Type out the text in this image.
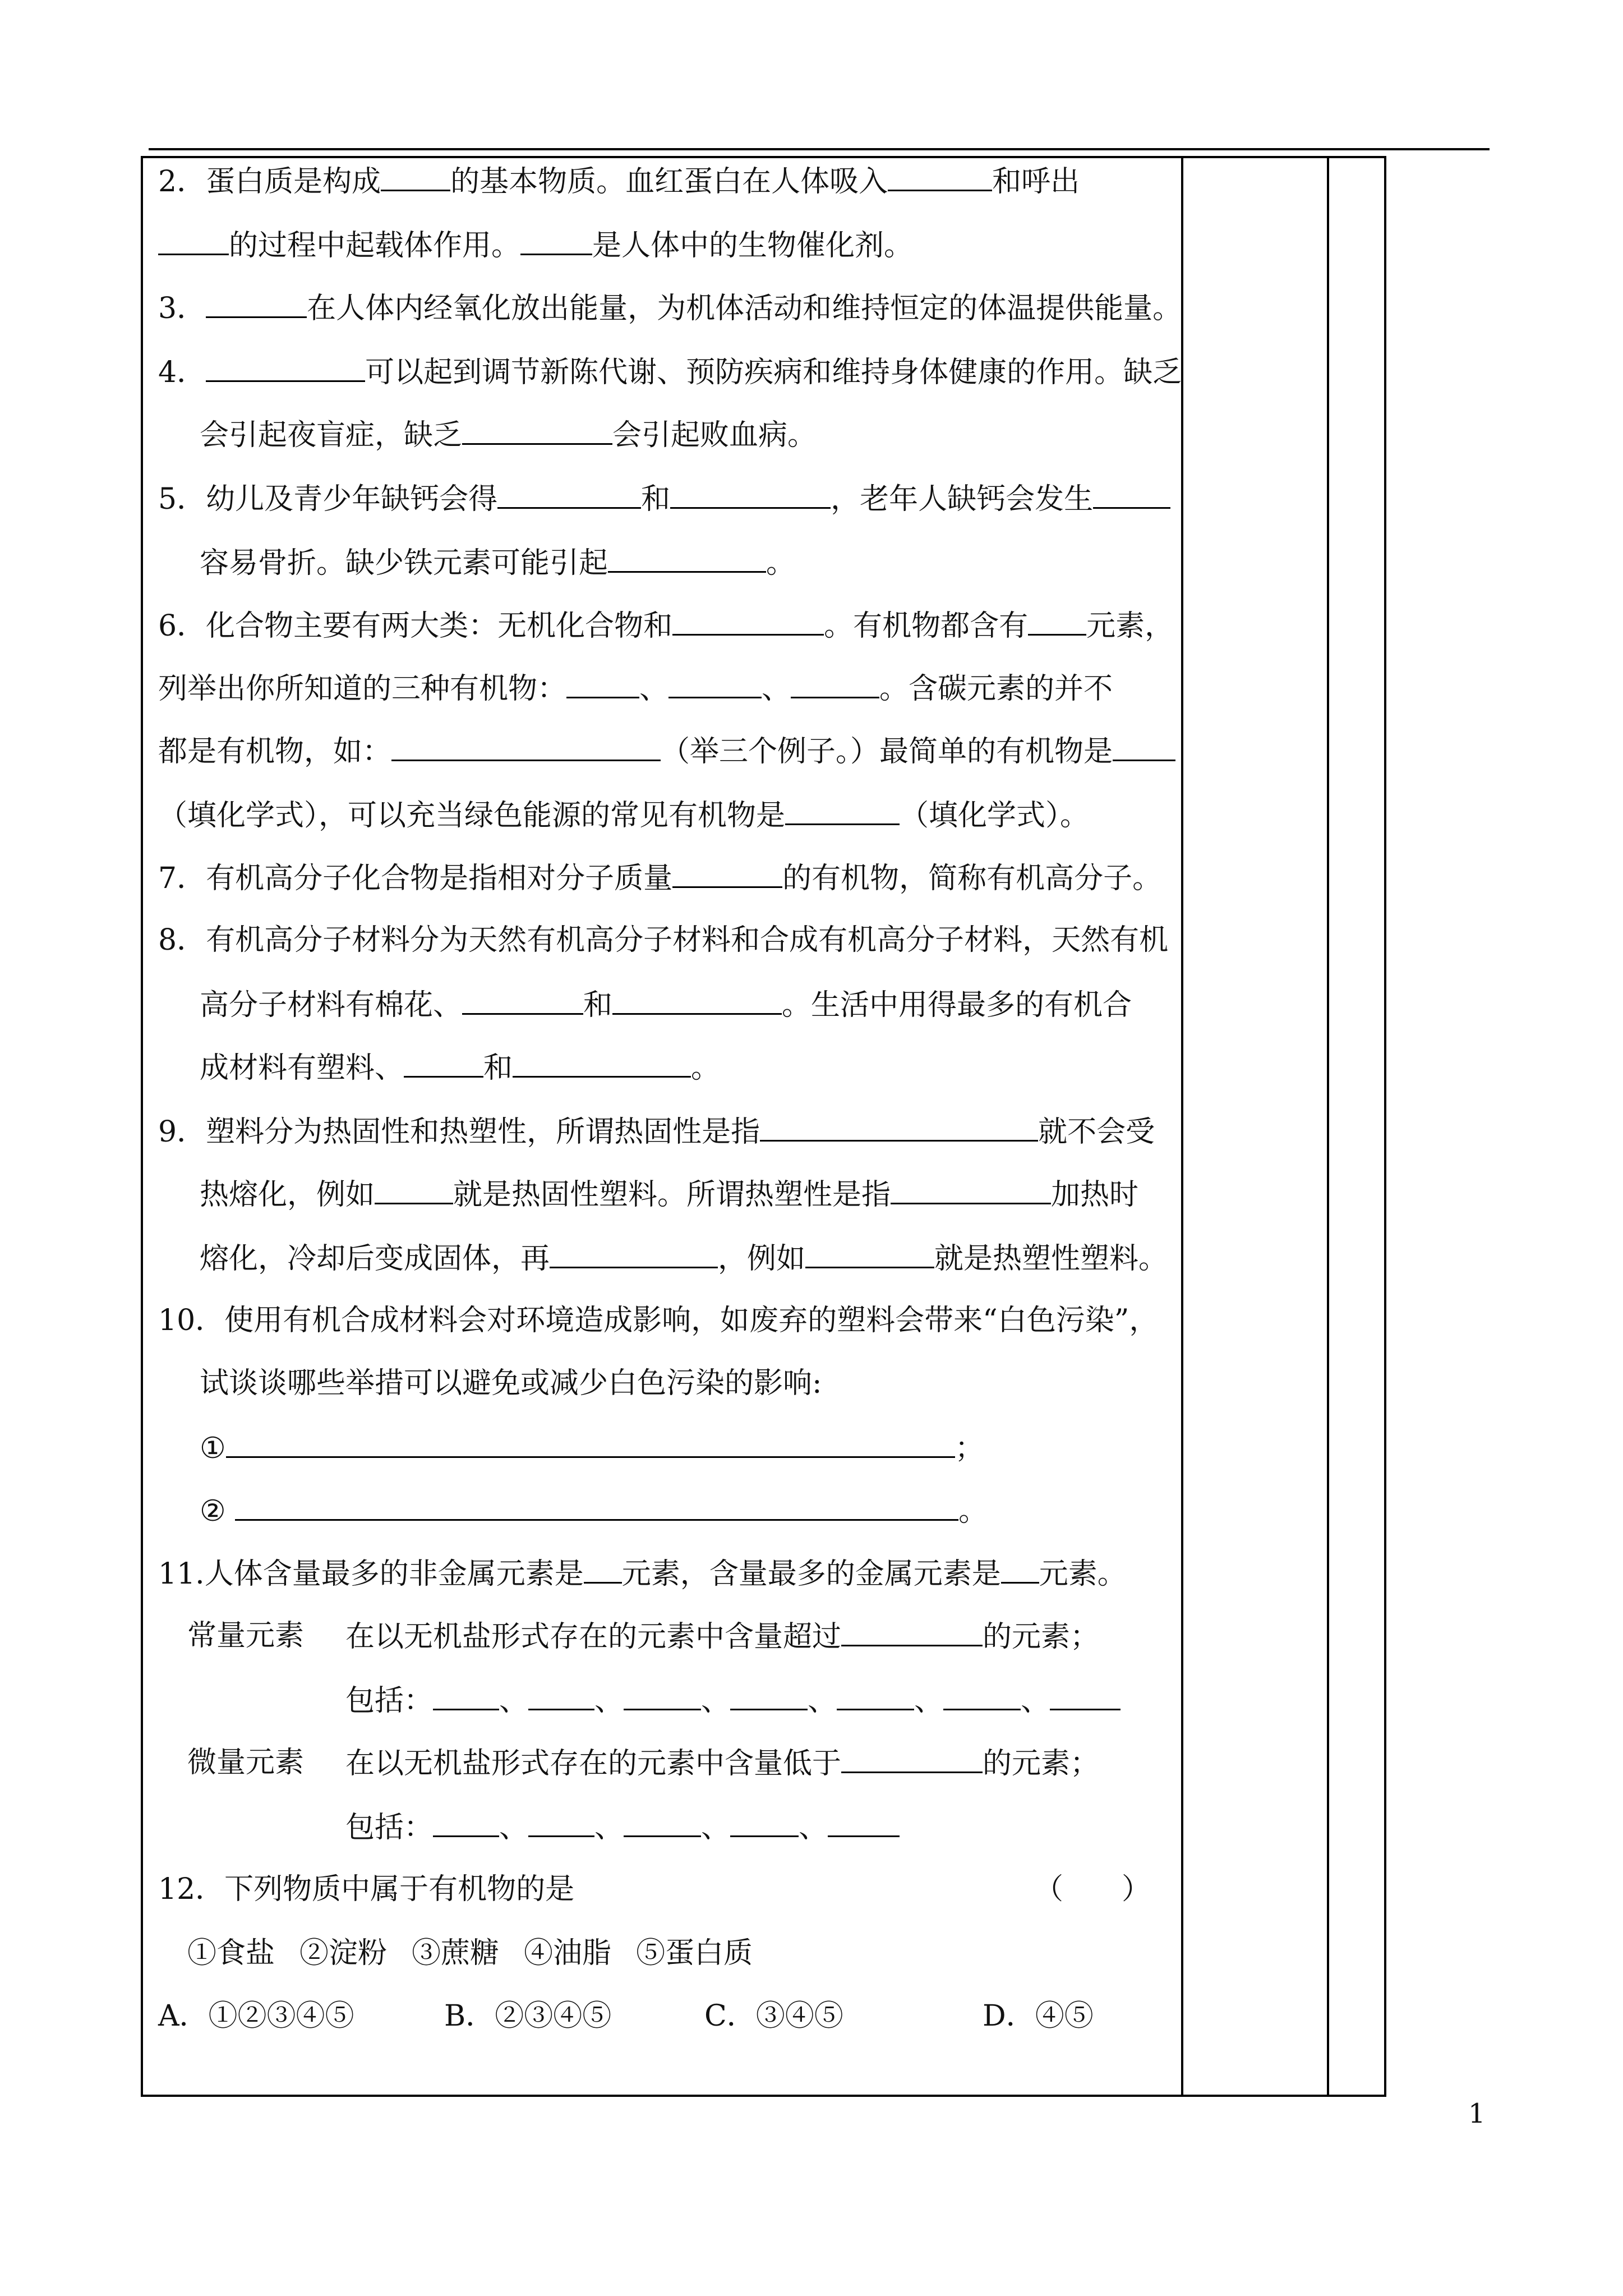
2．蛋白质是构成 的基本物质。血红蛋白在人体吸入	和呼出
的过程中起载体作用。 是人体中的生物催化剂。
3．	在人体内经氧化放出能量，为机体活动和维持恒定的体温提供能量。
4．	可以起到调节新陈代谢、预防疾病和维持身体健康的作用。缺乏
会引起夜盲症，缺乏	会引起败血病。
5．幼儿及青少年缺钙会得	和	，老年人缺钙会发生
容易骨折。缺少铁元素可能引起	。
6．化合物主要有两大类：无机化合物和	。有机物都含有 元素，
列举出你所知道的三种有机物：	、	、	。含碳元素的并不
都是有机物，如：	（举三个例子。）最简单的有机物是
（填化学式），可以充当绿色能源的常见有机物是	（填化学式）。
7．有机高分子化合物是指相对分子质量	的有机物，简称有机高分子。
8．有机高分子材料分为天然有机高分子材料和合成有机高分子材料，天然有机
高分子材料有棉花、	和	。生活中用得最多的有机合
成材料有塑料、	和	。
9．塑料分为热固性和热塑性，所谓热固性是指	就不会受
热熔化，例如	就是热固性塑料。所谓热塑性是指	加热时
熔化，冷却后变成固体，再	，例如	就是热塑性塑料。
10．使用有机合成材料会对环境造成影响，如废弃的塑料会带来“白色污染”，
试谈谈哪些举措可以避免或减少白色污染的影响:
①	；
②	。
11.人体含量最多的非金属元素是 元素，含量最多的金属元素是 元素。
常量元素 在以无机盐形式存在的元素中含量超过	的元素；
包括： 、 、	、	、	、	、
微量元素 在以无机盐形式存在的元素中含量低于	的元素；
包括： 、 、	、 、
12．下列物质中属于有机物的是	（　　）
①食盐 ②淀粉 ③蔗糖 ④油脂 ⑤蛋白质
A．①②③④⑤	B．②③④⑤	C．③④⑤	D．④⑤
1
